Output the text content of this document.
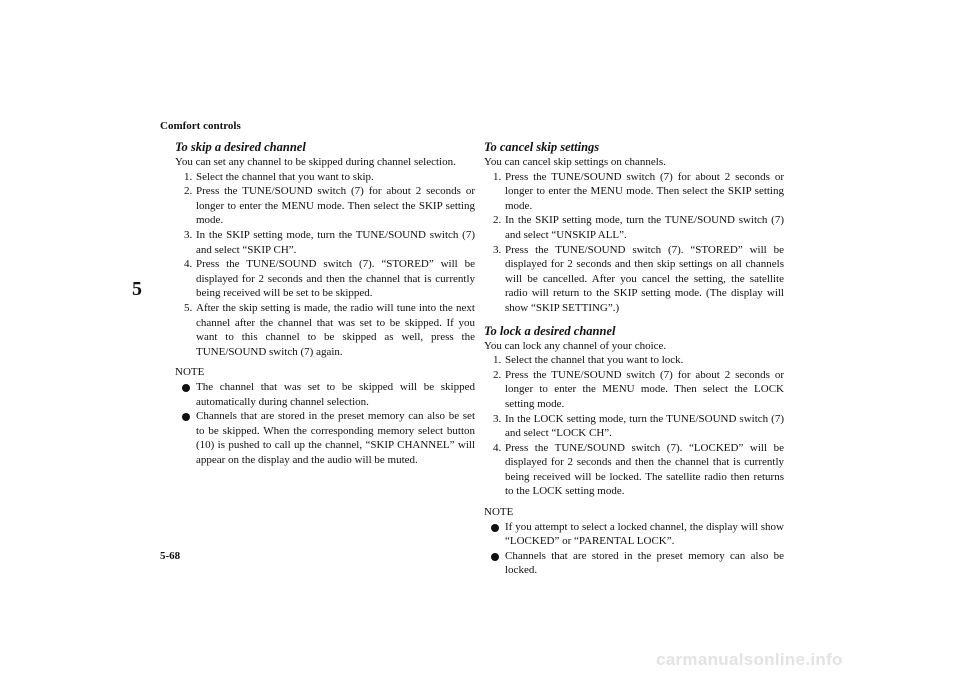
Comfort controls
5
5-68
To skip a desired channel

You can set any channel to be skipped during channel selection.

1. Select the channel that you want to skip.
2. Press the TUNE/SOUND switch (7) for about 2 seconds or longer to enter the MENU mode. Then select the SKIP setting mode.
3. In the SKIP setting mode, turn the TUNE/SOUND switch (7) and select “SKIP CH”.
4. Press the TUNE/SOUND switch (7). “STORED” will be displayed for 2 seconds and then the channel that is currently being received will be set to be skipped.
5. After the skip setting is made, the radio will tune into the next channel after the channel that was set to be skipped. If you want to this channel to be skipped as well, press the TUNE/SOUND switch (7) again.

NOTE

The channel that was set to be skipped will be skipped automatically during channel selection.
Channels that are stored in the preset memory can also be set to be skipped. When the corresponding memory select button (10) is pushed to call up the channel, “SKIP CHANNEL” will appear on the display and the audio will be muted.
To cancel skip settings

You can cancel skip settings on channels.

1. Press the TUNE/SOUND switch (7) for about 2 seconds or longer to enter the MENU mode. Then select the SKIP setting mode.
2. In the SKIP setting mode, turn the TUNE/SOUND switch (7) and select “UNSKIP ALL”.
3. Press the TUNE/SOUND switch (7). “STORED” will be displayed for 2 seconds and then skip settings on all channels will be cancelled. After you cancel the setting, the satellite radio will return to the SKIP setting mode. (The display will show “SKIP SETTING”.)
To lock a desired channel

You can lock any channel of your choice.

1. Select the channel that you want to lock.
2. Press the TUNE/SOUND switch (7) for about 2 seconds or longer to enter the MENU mode. Then select the LOCK setting mode.
3. In the LOCK setting mode, turn the TUNE/SOUND switch (7) and select “LOCK CH”.
4. Press the TUNE/SOUND switch (7). “LOCKED” will be displayed for 2 seconds and then the channel that is currently being received will be locked. The satellite radio then returns to the LOCK setting mode.

NOTE

If you attempt to select a locked channel, the display will show “LOCKED” or “PARENTAL LOCK”.
Channels that are stored in the preset memory can also be locked.
carmanualsonline.info
